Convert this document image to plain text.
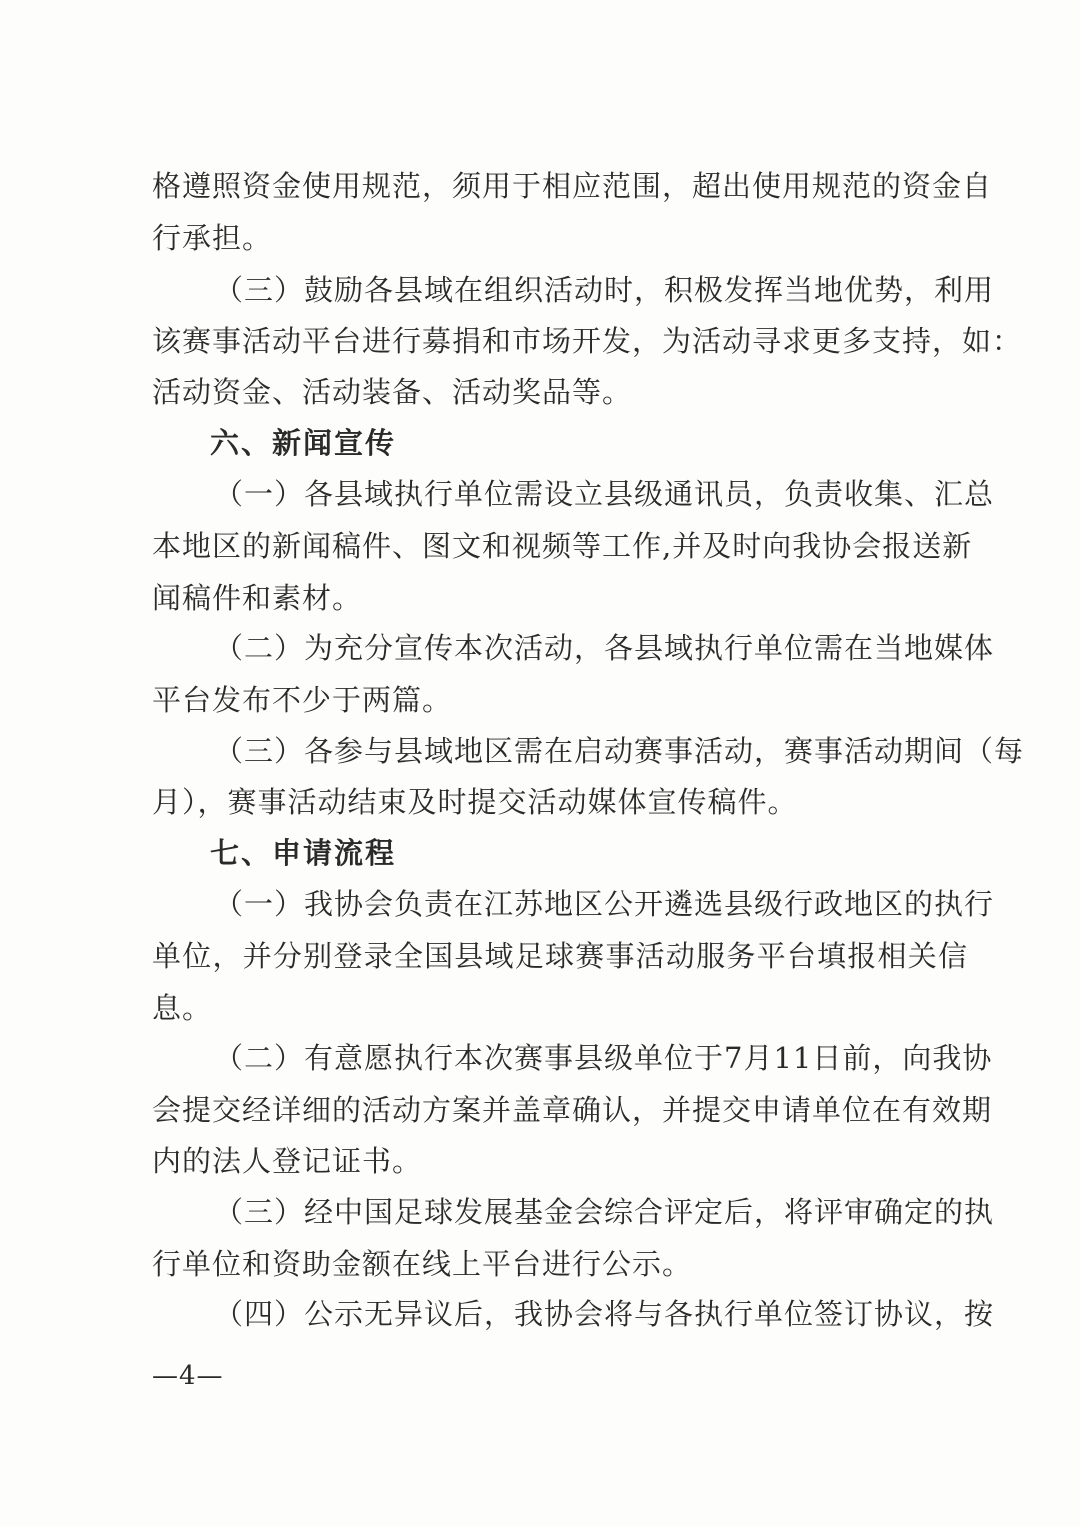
格遵照资金使用规范，须用于相应范围，超出使用规范的资金自
行承担。
（三）鼓励各县域在组织活动时，积极发挥当地优势，利用
该赛事活动平台进行募捐和市场开发，为活动寻求更多支持，如：
活动资金、活动装备、活动奖品等。
六、新闻宣传
（一）各县域执行单位需设立县级通讯员，负责收集、汇总
本地区的新闻稿件、图文和视频等工作,并及时向我协会报送新
闻稿件和素材。
（二）为充分宣传本次活动，各县域执行单位需在当地媒体
平台发布不少于两篇。
（三）各参与县域地区需在启动赛事活动，赛事活动期间（每
月），赛事活动结束及时提交活动媒体宣传稿件。
七、申请流程
（一）我协会负责在江苏地区公开遴选县级行政地区的执行
单位，并分别登录全国县域足球赛事活动服务平台填报相关信
息。
（二）有意愿执行本次赛事县级单位于7月11日前，向我协
会提交经详细的活动方案并盖章确认，并提交申请单位在有效期
内的法人登记证书。
（三）经中国足球发展基金会综合评定后，将评审确定的执
行单位和资助金额在线上平台进行公示。
（四）公示无异议后，我协会将与各执行单位签订协议，按
—4—
